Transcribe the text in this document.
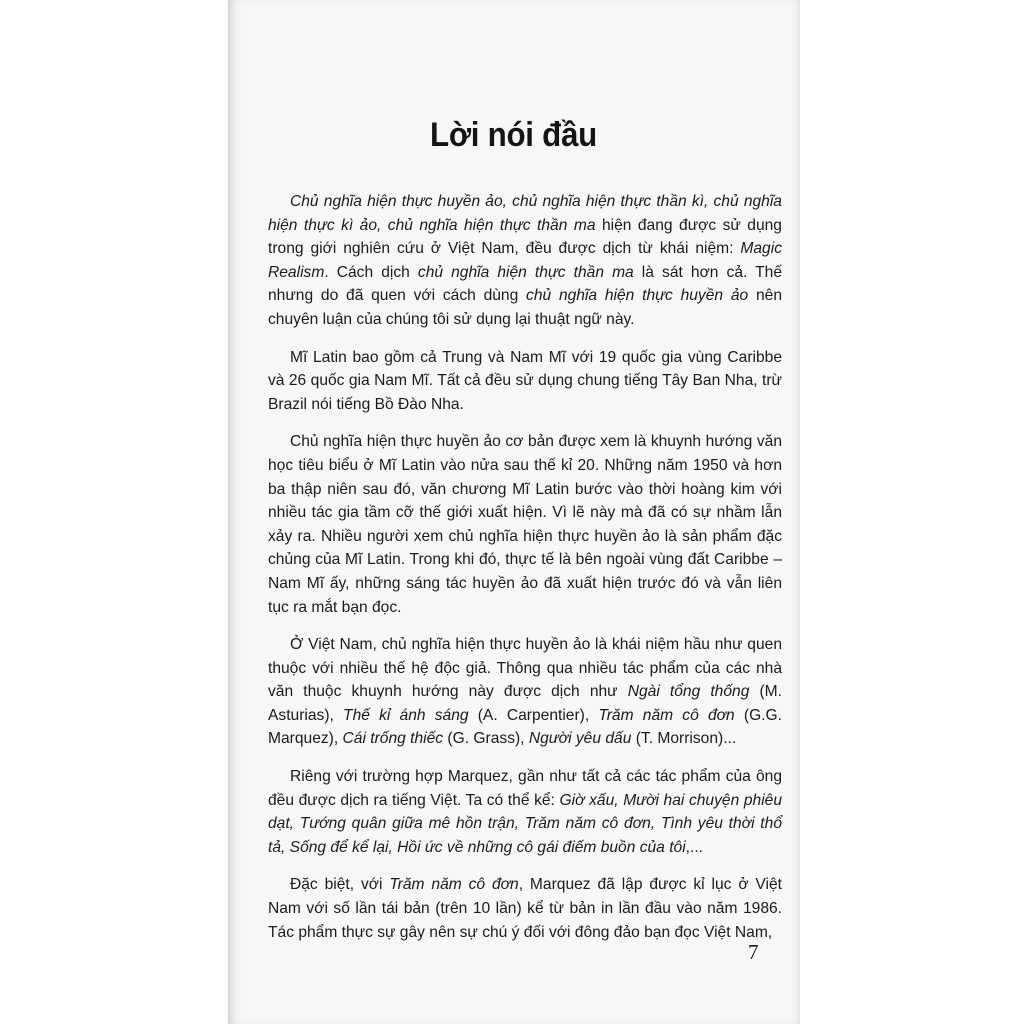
Lời nói đầu

Chủ nghĩa hiện thực huyền ảo, chủ nghĩa hiện thực thần kì, chủ nghĩa hiện thực kì ảo, chủ nghĩa hiện thực thần ma hiện đang được sử dụng trong giới nghiên cứu ở Việt Nam, đều được dịch từ khái niệm: Magic Realism. Cách dịch chủ nghĩa hiện thực thần ma là sát hơn cả. Thế nhưng do đã quen với cách dùng chủ nghĩa hiện thực huyền ảo nên chuyên luận của chúng tôi sử dụng lại thuật ngữ này.

Mĩ Latin bao gồm cả Trung và Nam Mĩ với 19 quốc gia vùng Caribbe và 26 quốc gia Nam Mĩ. Tất cả đều sử dụng chung tiếng Tây Ban Nha, trừ Brazil nói tiếng Bồ Đào Nha.

Chủ nghĩa hiện thực huyền ảo cơ bản được xem là khuynh hướng văn học tiêu biểu ở Mĩ Latin vào nửa sau thế kỉ 20. Những năm 1950 và hơn ba thập niên sau đó, văn chương Mĩ Latin bước vào thời hoàng kim với nhiều tác gia tầm cỡ thế giới xuất hiện. Vì lẽ này mà đã có sự nhầm lẫn xảy ra. Nhiều người xem chủ nghĩa hiện thực huyền ảo là sản phẩm đặc chủng của Mĩ Latin. Trong khi đó, thực tế là bên ngoài vùng đất Caribbe – Nam Mĩ ấy, những sáng tác huyền ảo đã xuất hiện trước đó và vẫn liên tục ra mắt bạn đọc.

Ở Việt Nam, chủ nghĩa hiện thực huyền ảo là khái niệm hầu như quen thuộc với nhiều thế hệ độc giả. Thông qua nhiều tác phẩm của các nhà văn thuộc khuynh hướng này được dịch như Ngài tổng thống (M. Asturias), Thế kỉ ánh sáng (A. Carpentier), Trăm năm cô đơn (G.G. Marquez), Cái trống thiếc (G. Grass), Người yêu dấu (T. Morrison)...

Riêng với trường hợp Marquez, gần như tất cả các tác phẩm của ông đều được dịch ra tiếng Việt. Ta có thể kể: Giờ xấu, Mười hai chuyện phiêu dạt, Tướng quân giữa mê hồn trận, Trăm năm cô đơn, Tình yêu thời thổ tả, Sống để kể lại, Hồi ức về những cô gái điếm buồn của tôi,...

Đặc biệt, với Trăm năm cô đơn, Marquez đã lập được kỉ lục ở Việt Nam với số lần tái bản (trên 10 lần) kể từ bản in lần đầu vào năm 1986. Tác phẩm thực sự gây nên sự chú ý đối với đông đảo bạn đọc Việt Nam,

7
